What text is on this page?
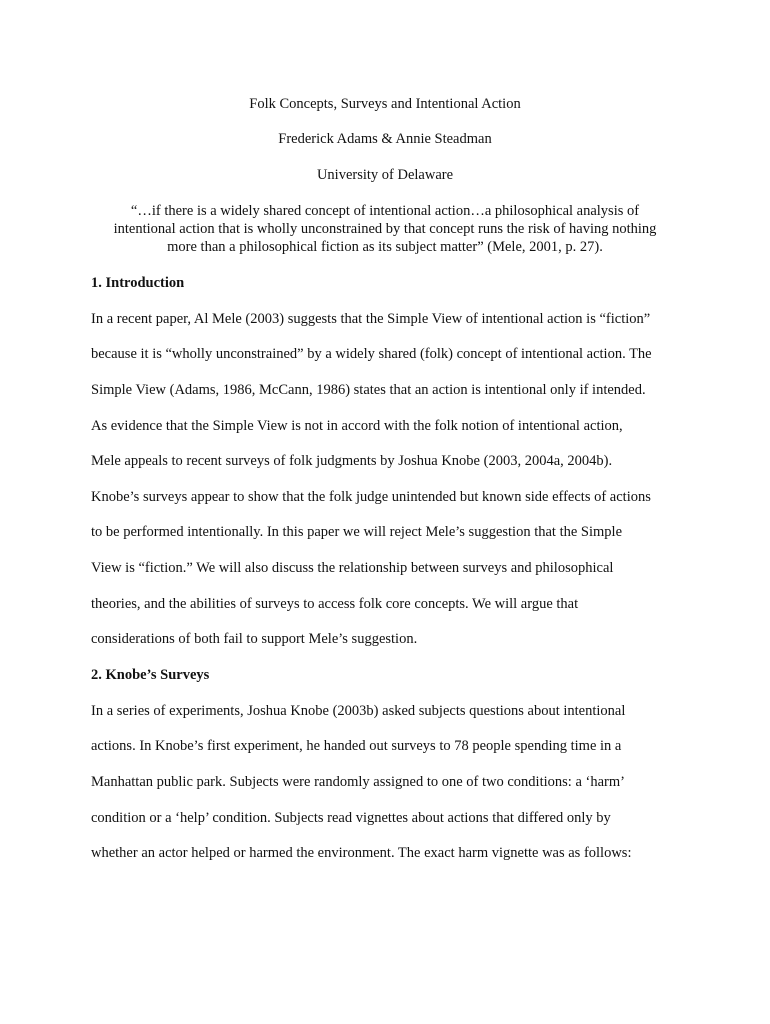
Folk Concepts, Surveys and Intentional Action
Frederick Adams & Annie Steadman
University of Delaware
“…if there is a widely shared concept of intentional action…a philosophical analysis of
intentional action that is wholly unconstrained by that concept runs the risk of having nothing
more than a philosophical fiction as its subject matter” (Mele, 2001, p. 27).
1. Introduction
In a recent paper, Al Mele (2003) suggests that the Simple View of intentional action is “fiction”
because it is “wholly unconstrained” by a widely shared (folk) concept of intentional action. The
Simple View (Adams, 1986, McCann, 1986) states that an action is intentional only if intended.
As evidence that the Simple View is not in accord with the folk notion of intentional action,
Mele appeals to recent surveys of folk judgments by Joshua Knobe (2003, 2004a, 2004b).
Knobe’s surveys appear to show that the folk judge unintended but known side effects of actions
to be performed intentionally. In this paper we will reject Mele’s suggestion that the Simple
View is “fiction.” We will also discuss the relationship between surveys and philosophical
theories, and the abilities of surveys to access folk core concepts. We will argue that
considerations of both fail to support Mele’s suggestion.
2. Knobe’s Surveys
In a series of experiments, Joshua Knobe (2003b) asked subjects questions about intentional
actions. In Knobe’s first experiment, he handed out surveys to 78 people spending time in a
Manhattan public park. Subjects were randomly assigned to one of two conditions: a ‘harm’
condition or a ‘help’ condition. Subjects read vignettes about actions that differed only by
whether an actor helped or harmed the environment. The exact harm vignette was as follows:
